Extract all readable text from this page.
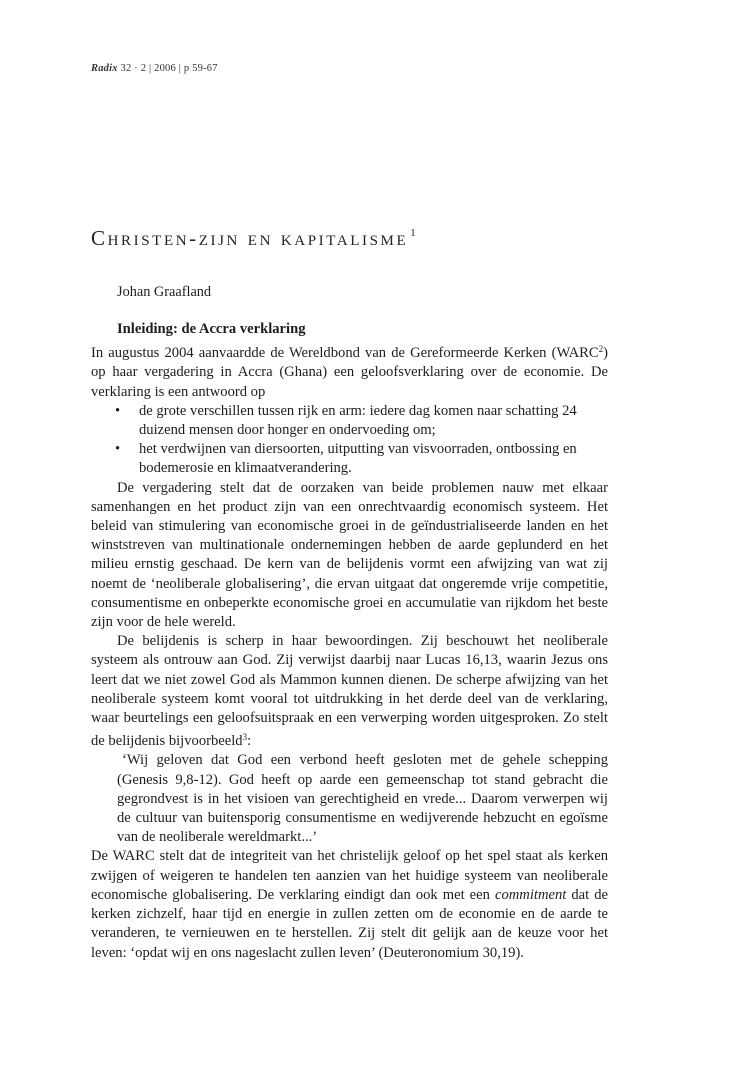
Radix 32 · 2 | 2006 | p 59-67
Christen-zijn en kapitalisme $^1$
Johan Graafland

Inleiding: de Accra verklaring

In augustus 2004 aanvaardde de Wereldbond van de Gereformeerde Kerken (WARC$^2$) op haar vergadering in Accra (Ghana) een geloofsverklaring over de economie. De verklaring is een antwoord op

• de grote verschillen tussen rijk en arm: iedere dag komen naar schatting 24 duizend mensen door honger en ondervoeding om;
• het verdwijnen van diersoorten, uitputting van visvoorraden, ontbossing en bodemerosie en klimaatverandering.

De vergadering stelt dat de oorzaken van beide problemen nauw met elkaar samenhangen en het product zijn van een onrechtvaardig economisch systeem. Het beleid van stimulering van economische groei in de geïndustrialiseerde landen en het winststreven van multinationale ondernemingen hebben de aarde geplunderd en het milieu ernstig geschaad. De kern van de belijdenis vormt een afwijzing van wat zij noemt de ‘neoliberale globalisering’, die ervan uitgaat dat ongeremde vrije competitie, consumentisme en onbeperkte economische groei en accumulatie van rijkdom het beste zijn voor de hele wereld.

De belijdenis is scherp in haar bewoordingen. Zij beschouwt het neoliberale systeem als ontrouw aan God. Zij verwijst daarbij naar Lucas 16,13, waarin Jezus ons leert dat we niet zowel God als Mammon kunnen dienen. De scherpe afwijzing van het neoliberale systeem komt vooral tot uitdrukking in het derde deel van de verklaring, waar beurtelings een geloofsuitspraak en een verwerping worden uitgesproken. Zo stelt de belijdenis bijvoorbeeld$^3$:

‘Wij geloven dat God een verbond heeft gesloten met de gehele schepping (Genesis 9,8-12). God heeft op aarde een gemeenschap tot stand gebracht die gegrondvest is in het visioen van gerechtigheid en vrede... Daarom verwerpen wij de cultuur van buitensporig consumentisme en wedijverende hebzucht en egoïsme van de neoliberale wereldmarkt...’

De WARC stelt dat de integriteit van het christelijk geloof op het spel staat als kerken zwijgen of weigeren te handelen ten aanzien van het huidige systeem van neoliberale economische globalisering. De verklaring eindigt dan ook met een commitment dat de kerken zichzelf, haar tijd en energie in zullen zetten om de economie en de aarde te veranderen, te vernieuwen en te herstellen. Zij stelt dit gelijk aan de keuze voor het leven: ‘opdat wij en ons nageslacht zullen leven’ (Deuteronomium 30,19).
